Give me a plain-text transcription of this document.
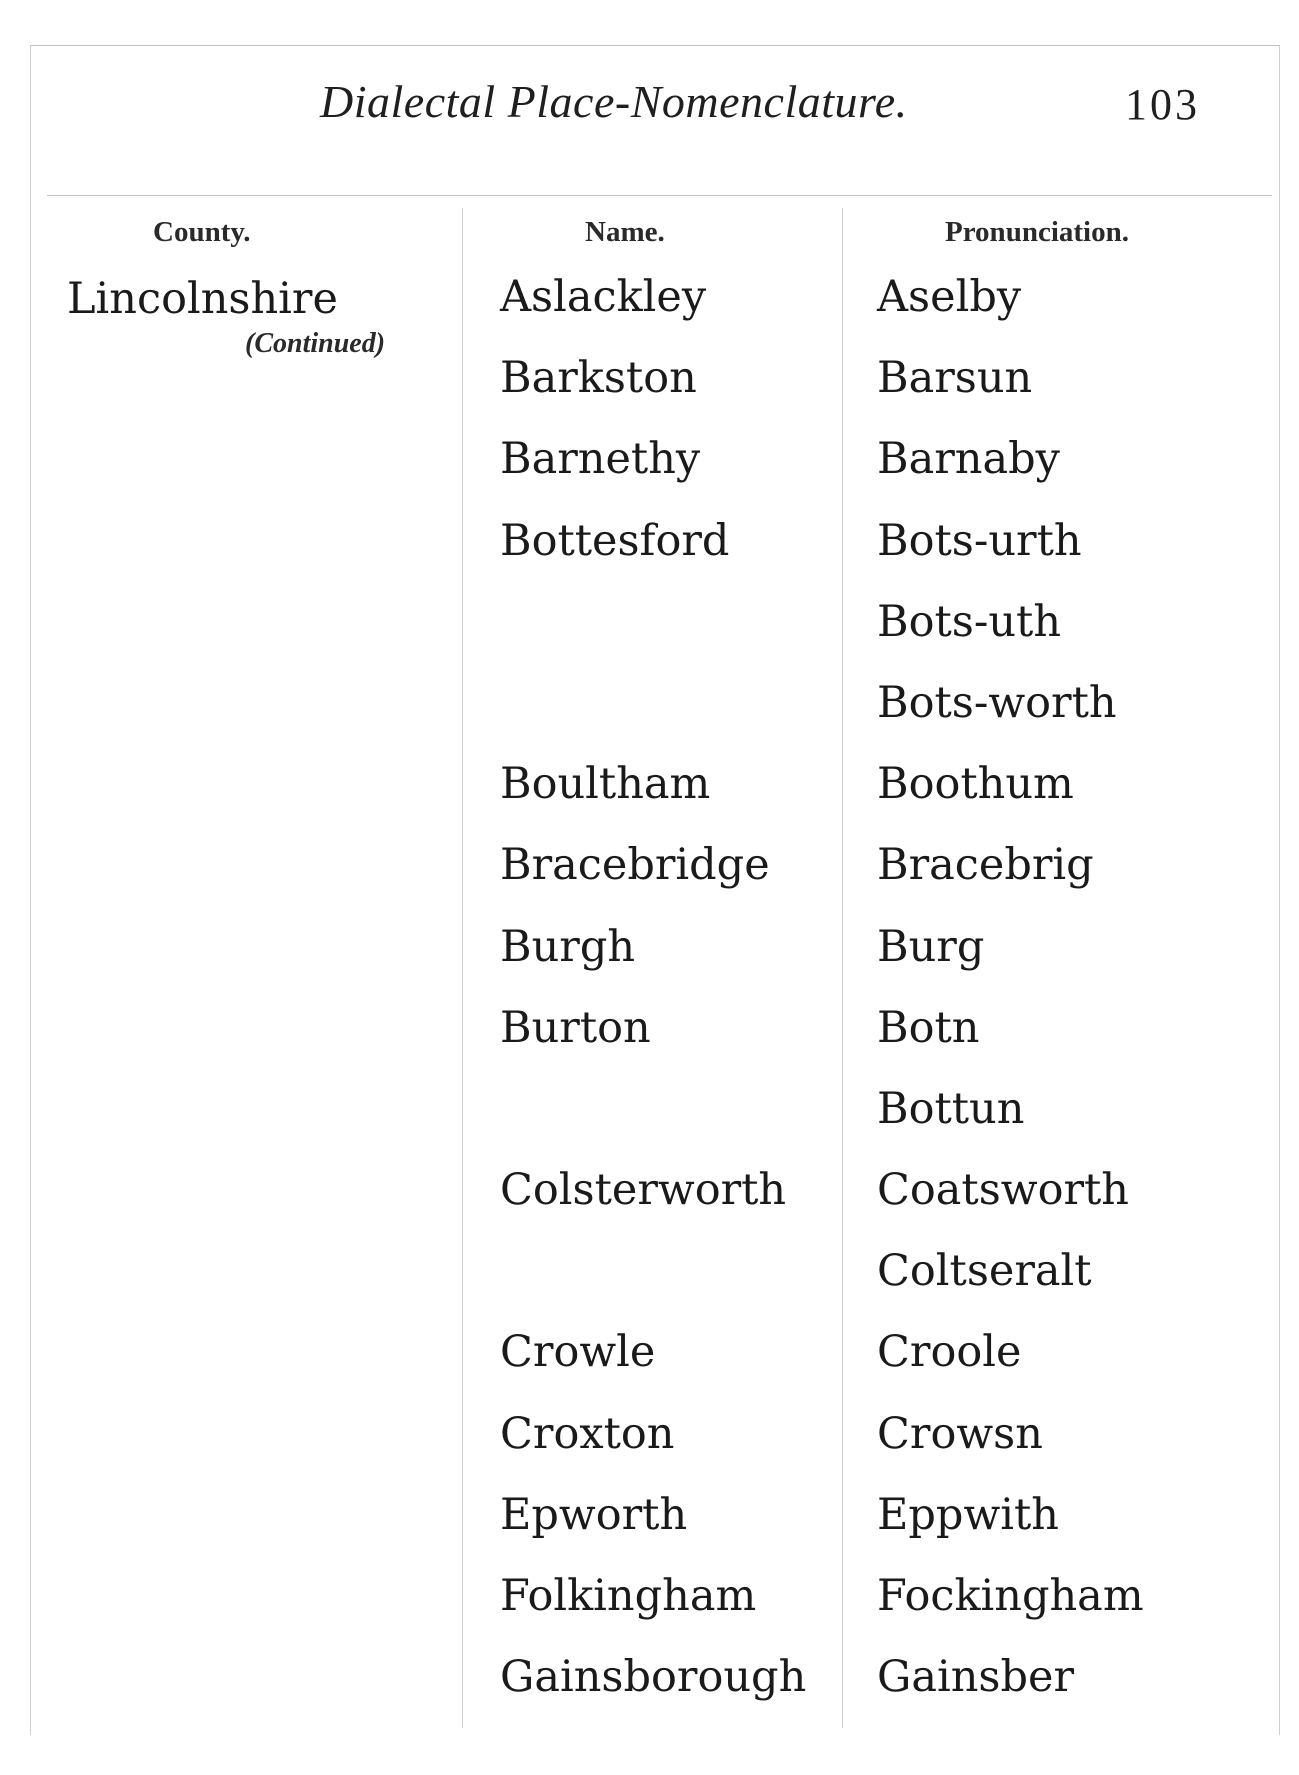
Dialectal Place-Nomenclature.	103
County.	Name.	Pronunciation.
Lincolnshire
(Continued)
Aslackley	Aselby
Barkston	Barsun
Barnethy	Barnaby
Bottesford	Bots-urth
Bots-uth
Bots-worth
Boultham	Boothum
Bracebridge Bracebrig
Burgh	Burg
Burton	Botn
Bottun
Colsterworth Coatsworth
Coltseralt
Crowle	Croole
Croxton	Crowsn
Epworth	Eppwith
Folkingham	Fockingham
Gainsborough Gainsber
